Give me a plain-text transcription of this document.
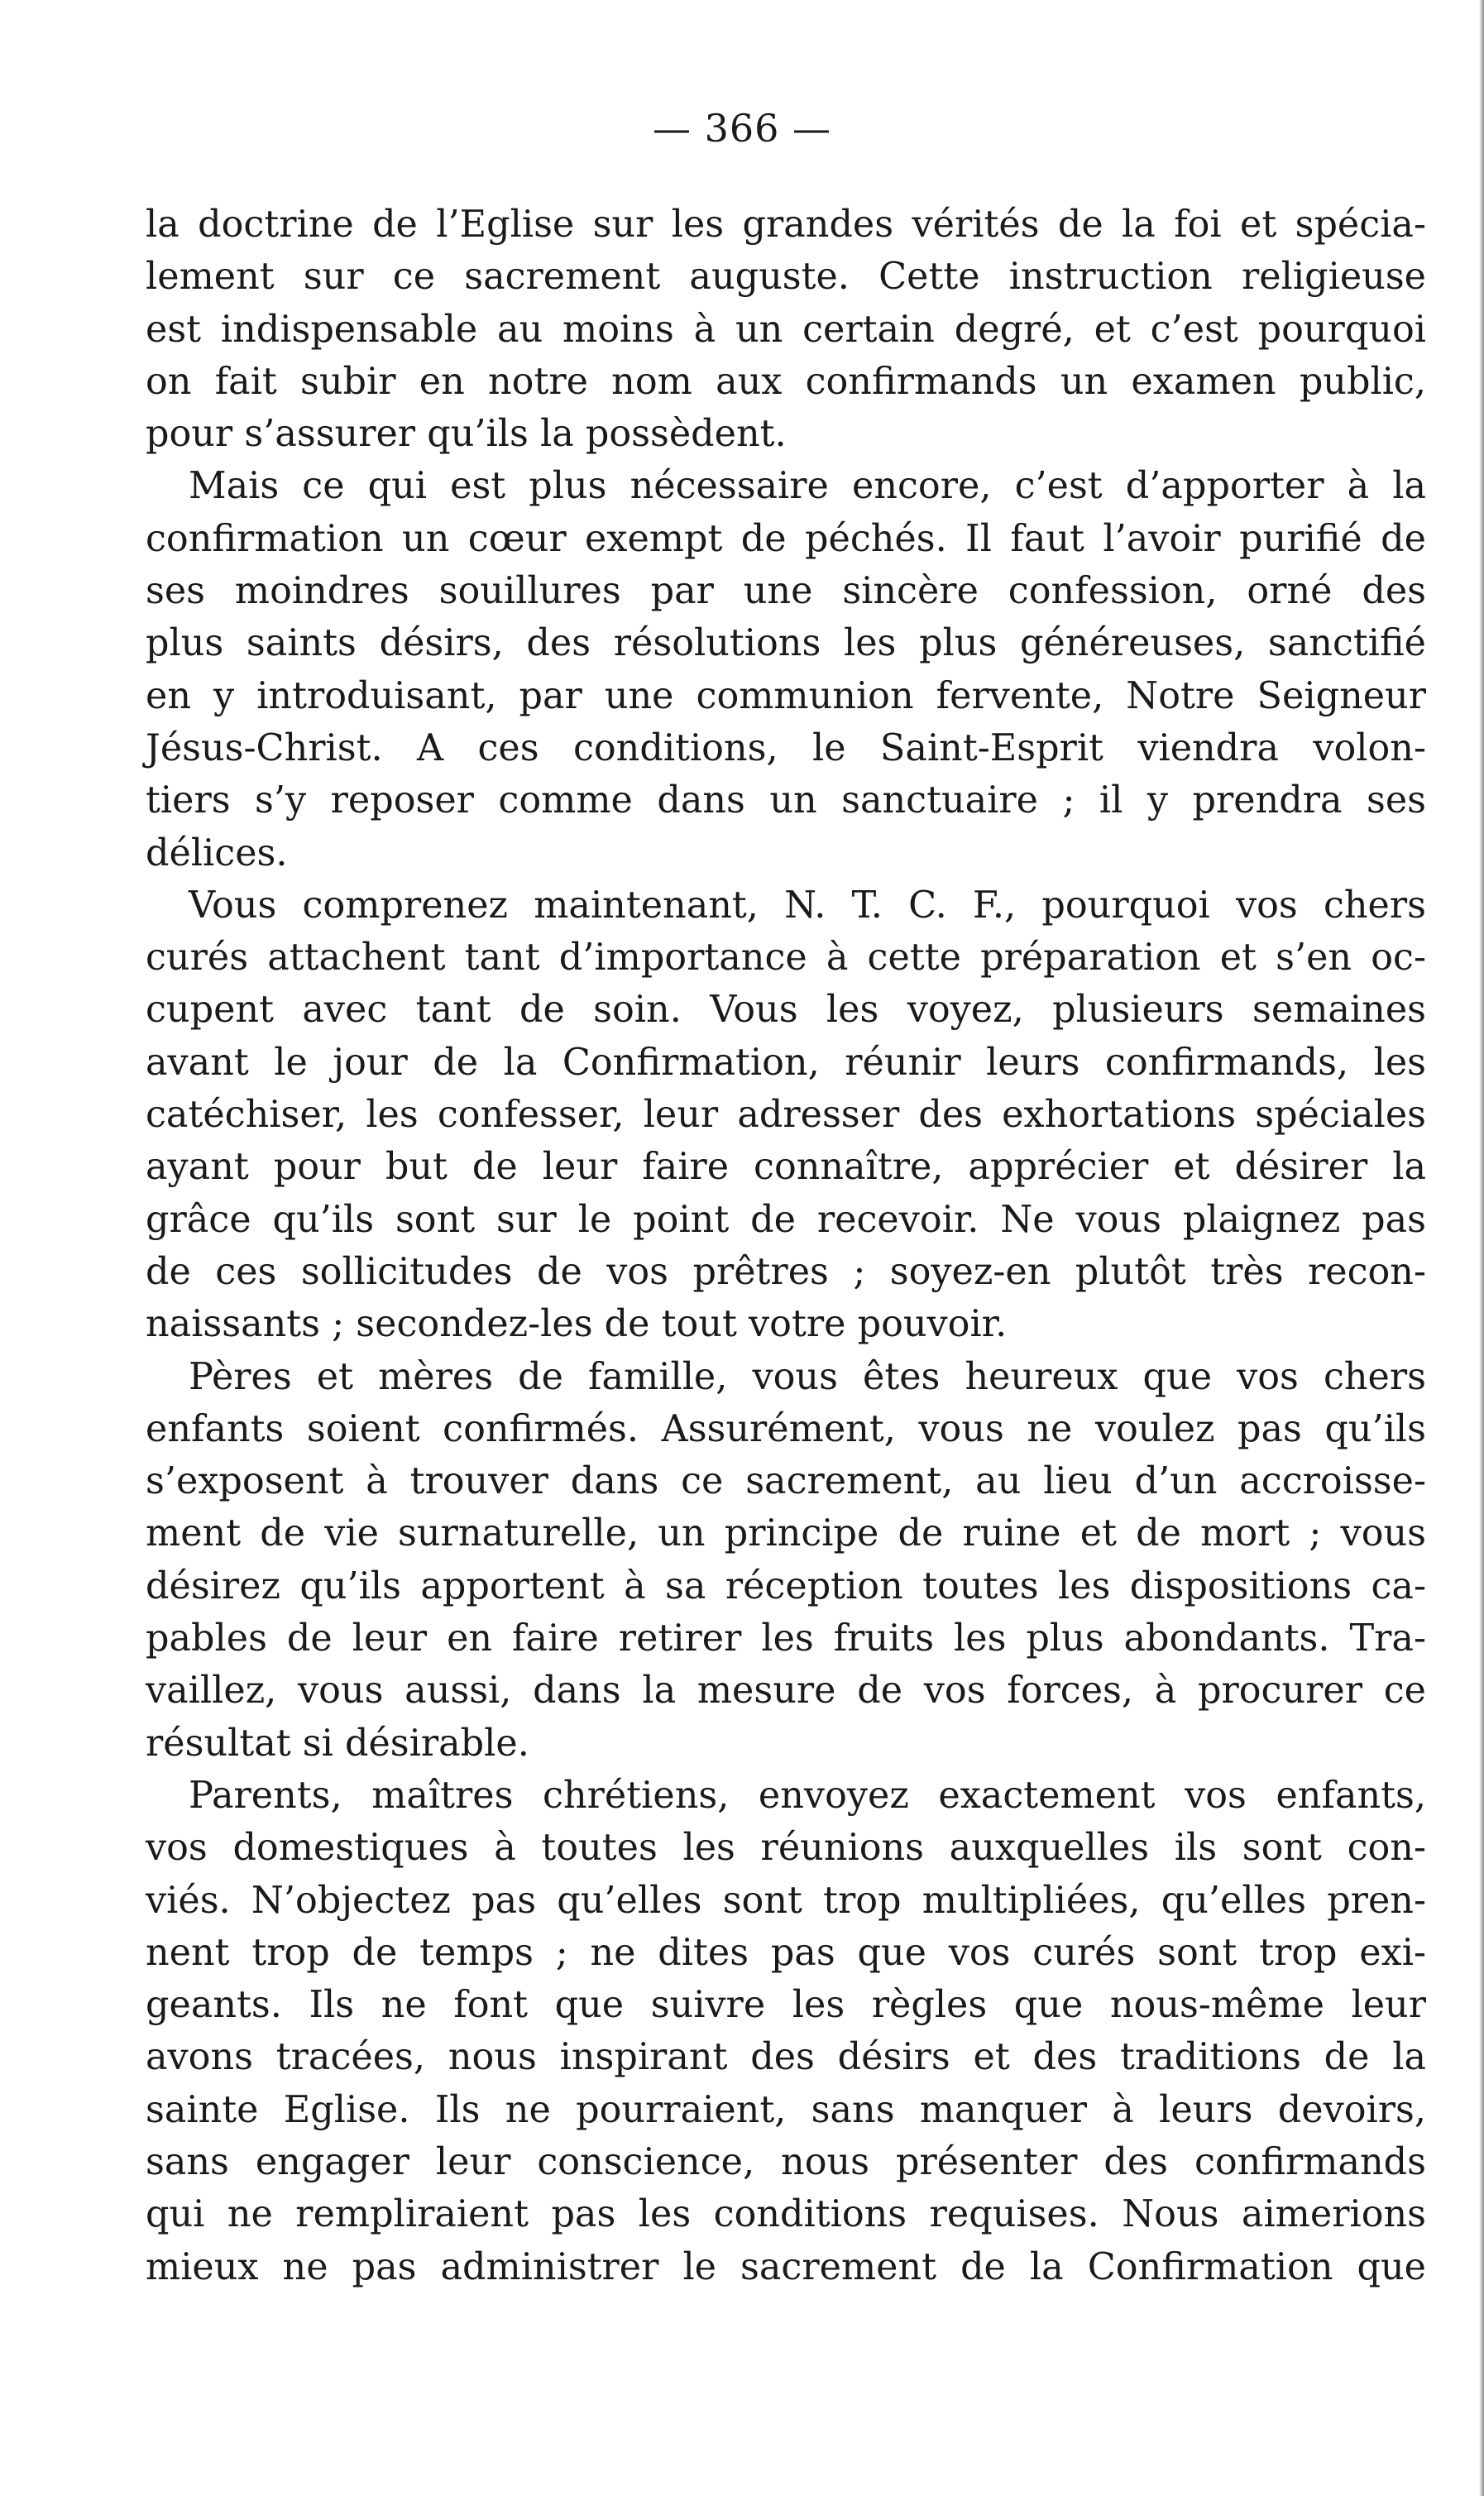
— 366 —

la doctrine de l’Eglise sur les grandes vérités de la foi et spécia-
lement sur ce sacrement auguste. Cette instruction religieuse
est indispensable au moins à un certain degré, et c’est pourquoi
on fait subir en notre nom aux confirmands un examen public,
pour s’assurer qu’ils la possèdent.

Mais ce qui est plus nécessaire encore, c’est d’apporter à la
confirmation un cœur exempt de péchés. Il faut l’avoir purifié de
ses moindres souillures par une sincère confession, orné des
plus saints désirs, des résolutions les plus généreuses, sanctifié
en y introduisant, par une communion fervente, Notre Seigneur
Jésus-Christ. A ces conditions, le Saint-Esprit viendra volon-
tiers s’y reposer comme dans un sanctuaire ; il y prendra ses
délices.

Vous comprenez maintenant, N. T. C. F., pourquoi vos chers
curés attachent tant d’importance à cette préparation et s’en oc-
cupent avec tant de soin. Vous les voyez, plusieurs semaines
avant le jour de la Confirmation, réunir leurs confirmands, les
catéchiser, les confesser, leur adresser des exhortations spéciales
ayant pour but de leur faire connaître, apprécier et désirer la
grâce qu’ils sont sur le point de recevoir. Ne vous plaignez pas
de ces sollicitudes de vos prêtres ; soyez-en plutôt très recon-
naissants ; secondez-les de tout votre pouvoir.

Pères et mères de famille, vous êtes heureux que vos chers
enfants soient confirmés. Assurément, vous ne voulez pas qu’ils
s’exposent à trouver dans ce sacrement, au lieu d’un accroisse-
ment de vie surnaturelle, un principe de ruine et de mort ; vous
désirez qu’ils apportent à sa réception toutes les dispositions ca-
pables de leur en faire retirer les fruits les plus abondants. Tra-
vaillez, vous aussi, dans la mesure de vos forces, à procurer ce
résultat si désirable.

Parents, maîtres chrétiens, envoyez exactement vos enfants,
vos domestiques à toutes les réunions auxquelles ils sont con-
viés. N’objectez pas qu’elles sont trop multipliées, qu’elles pren-
nent trop de temps ; ne dites pas que vos curés sont trop exi-
geants. Ils ne font que suivre les règles que nous-même leur
avons tracées, nous inspirant des désirs et des traditions de la
sainte Eglise. Ils ne pourraient, sans manquer à leurs devoirs,
sans engager leur conscience, nous présenter des confirmands
qui ne rempliraient pas les conditions requises. Nous aimerions
mieux ne pas administrer le sacrement de la Confirmation que
